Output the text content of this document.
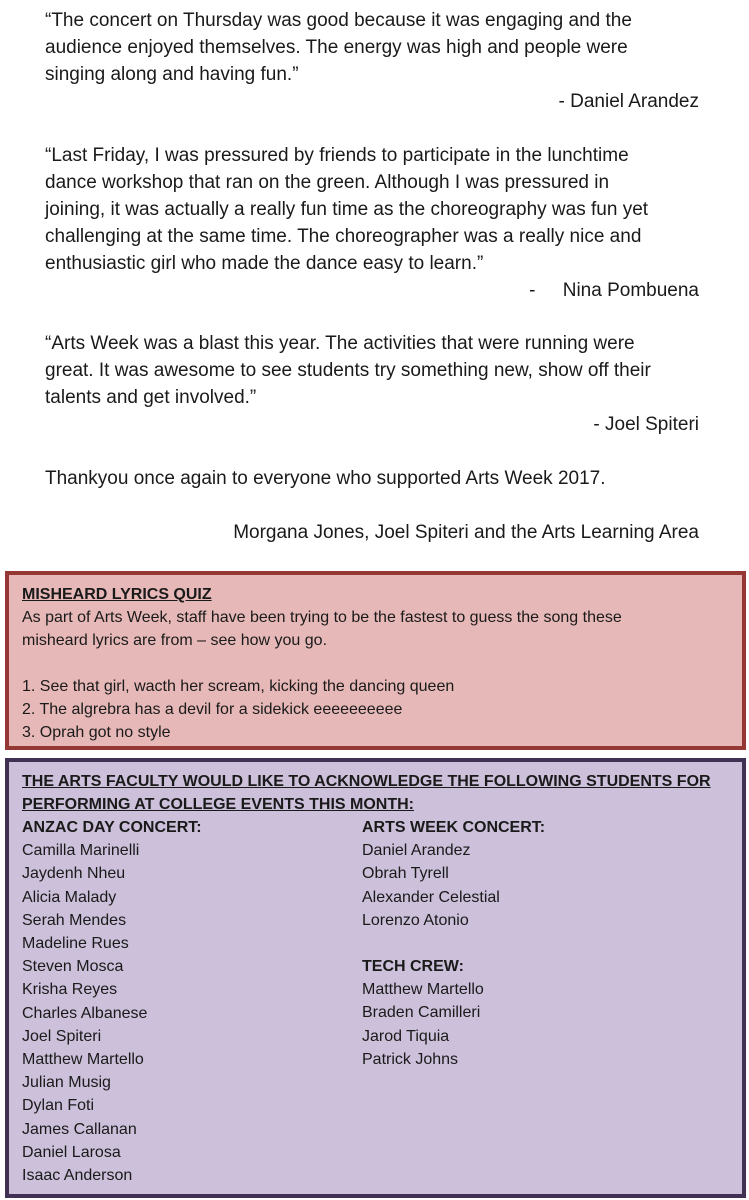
“The concert on Thursday was good because it was engaging and the
audience enjoyed themselves. The energy was high and people were
singing along and having fun.”

- Daniel Arandez

“Last Friday, I was pressured by friends to participate in the lunchtime
dance workshop that ran on the green. Although I was pressured in
joining, it was actually a really fun time as the choreography was fun yet
challenging at the same time. The choreographer was a really nice and
enthusiastic girl who made the dance easy to learn.”

- Nina Pombuena

“Arts Week was a blast this year. The activities that were running were
great. It was awesome to see students try something new, show off their
talents and get involved.”

- Joel Spiteri

Thankyou once again to everyone who supported Arts Week 2017.

Morgana Jones, Joel Spiteri and the Arts Learning Area
MISHEARD LYRICS QUIZ
As part of Arts Week, staff have been trying to be the fastest to guess the song these
misheard lyrics are from – see how you go.

1. See that girl, wacth her scream, kicking the dancing queen

2. The algrebra has a devil for a sidekick eeeeeeeeee

3. Oprah got no style

THE ARTS FACULTY WOULD LIKE TO ACKNOWLEDGE THE FOLLOWING STUDENTS FOR
PERFORMING AT COLLEGE EVENTS THIS MONTH:
ANZAC DAY CONCERT:
Camilla Marinelli
Jaydenh Nheu
Alicia Malady
Serah Mendes
Madeline Rues
Steven Mosca
Krisha Reyes
Charles Albanese
Joel Spiteri
Matthew Martello
Julian Musig
Dylan Foti
James Callanan
Daniel Larosa
Isaac Anderson
ARTS WEEK CONCERT:
Daniel Arandez
Obrah Tyrell
Alexander Celestial
Lorenzo Atonio
TECH CREW:
Matthew Martello
Braden Camilleri
Jarod Tiquia
Patrick Johns
